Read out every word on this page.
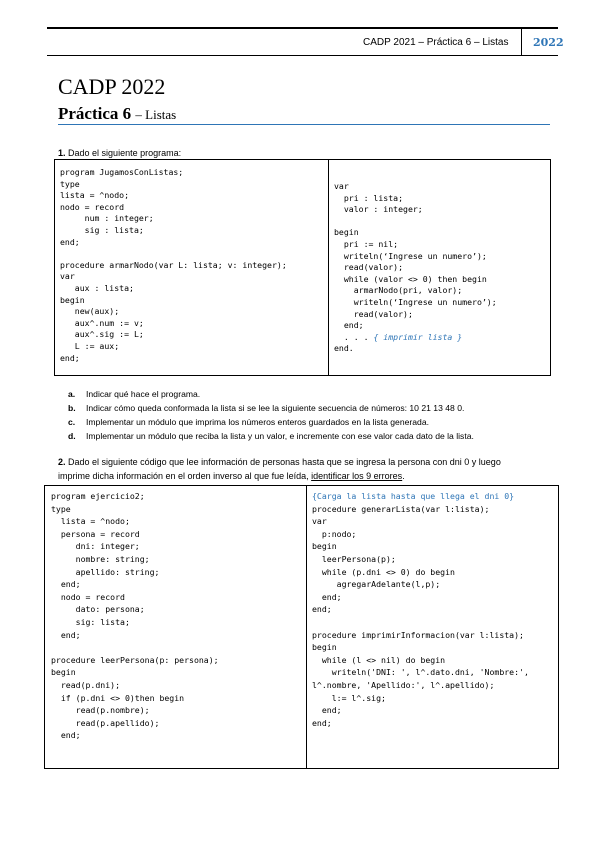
CADP 2021 – Práctica 6 – Listas 2022
CADP 2022
Práctica 6 – Listas
1. Dado el siguiente programa:
program JugamosConListas;
type
lista = ^nodo;
nodo = record
num : integer;
sig : lista;
end;

procedure armarNodo(var L: lista; v: integer);
var
aux : lista;
begin
new(aux);
aux^.num := v;
aux^.sig := L;
L := aux;
end;

var
pri : lista;
valor : integer;

begin
pri := nil;
writeln(‘Ingrese un numero’);
read(valor);
while (valor <> 0) then begin
armarNodo(pri, valor);
writeln(‘Ingrese un numero’);
read(valor);
end;
. . . { imprimir lista }
end.
a.	Indicar qué hace el programa.
b.	Indicar cómo queda conformada la lista si se lee la siguiente secuencia de números: 10 21 13 48 0.
c.	Implementar un módulo que imprima los números enteros guardados en la lista generada.
d.	Implementar un módulo que reciba la lista y un valor, e incremente con ese valor cada dato de la lista.
2. Dado el siguiente código que lee información de personas hasta que se ingresa la persona con dni 0 y luego
imprime dicha información en el orden inverso al que fue leída, identificar los 9 errores.
program ejercicio2;
type
lista = ^nodo;
persona = record
dni: integer;
nombre: string;
apellido: string;
end;
nodo = record
dato: persona;
sig: lista;
end;

procedure leerPersona(p: persona);
begin
read(p.dni);
if (p.dni <> 0)then begin
read(p.nombre);
read(p.apellido);
end;

{Carga la lista hasta que llega el dni 0}
procedure generarLista(var l:lista);
var
p:nodo;
begin
leerPersona(p);
while (p.dni <> 0) do begin
agregarAdelante(l,p);
end;
end;

procedure imprimirInformacion(var l:lista);
begin
while (l <> nil) do begin
writeln('DNI: ', l^.dato.dni, 'Nombre:',
l^.nombre, 'Apellido:', l^.apellido);
l:= l^.sig;
end;
end;
